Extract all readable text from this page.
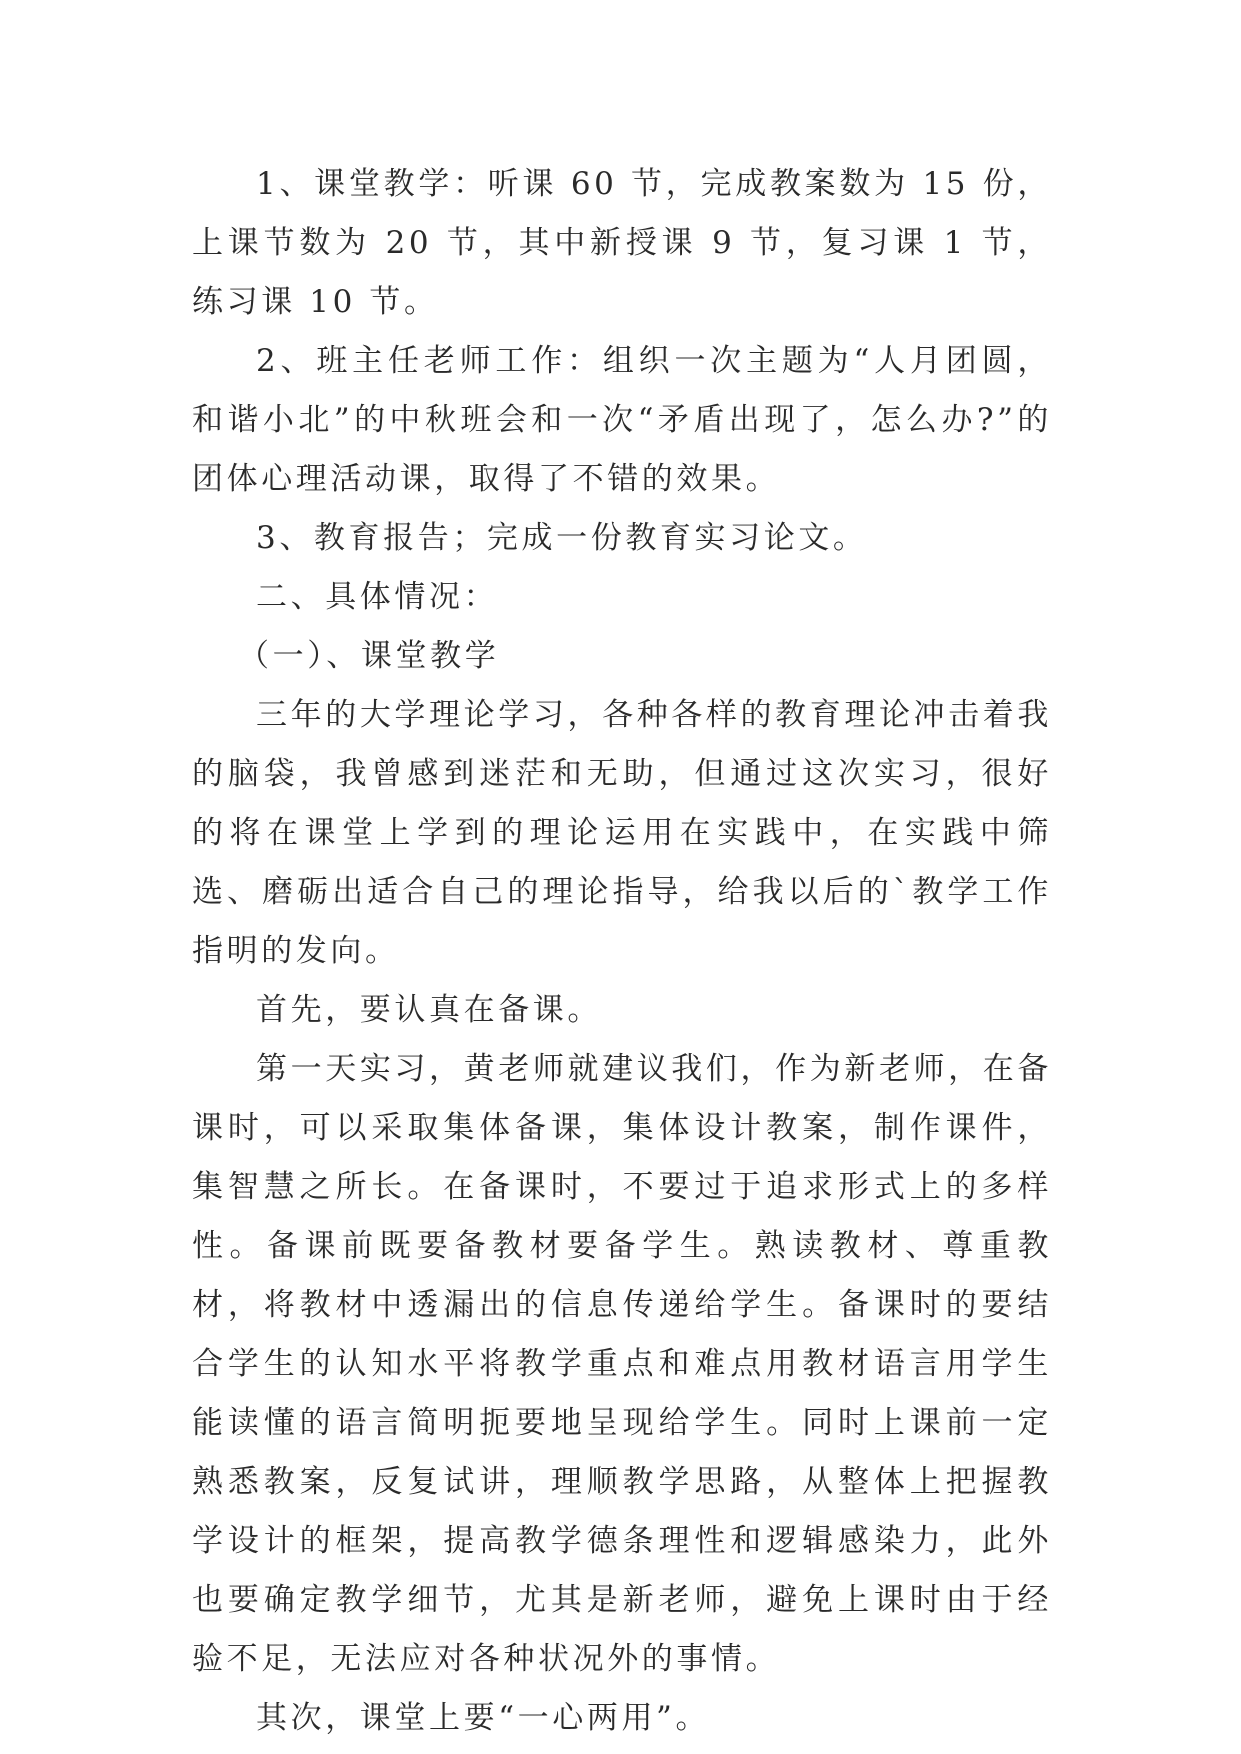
1、课堂教学：听课 60 节，完成教案数为 15 份，上课节数为 20 节，其中新授课 9 节，复习课 1 节，练习课 10 节。

2、班主任老师工作：组织一次主题为“人月团圆，和谐小北”的中秋班会和一次“矛盾出现了，怎么办?”的团体心理活动课，取得了不错的效果。

3、教育报告；完成一份教育实习论文。

二、具体情况：

（一）、课堂教学

三年的大学理论学习，各种各样的教育理论冲击着我的脑袋，我曾感到迷茫和无助，但通过这次实习，很好的将在课堂上学到的理论运用在实践中，在实践中筛选、磨砺出适合自己的理论指导，给我以后的`教学工作指明的发向。

首先，要认真在备课。

第一天实习，黄老师就建议我们，作为新老师，在备课时，可以采取集体备课，集体设计教案，制作课件，集智慧之所长。在备课时，不要过于追求形式上的多样性。备课前既要备教材要备学生。熟读教材、尊重教材，将教材中透漏出的信息传递给学生。备课时的要结合学生的认知水平将教学重点和难点用教材语言用学生能读懂的语言简明扼要地呈现给学生。同时上课前一定熟悉教案，反复试讲，理顺教学思路，从整体上把握教学设计的框架，提高教学德条理性和逻辑感染力，此外也要确定教学细节，尤其是新老师，避免上课时由于经验不足，无法应对各种状况外的事情。

其次，课堂上要“一心两用”。
